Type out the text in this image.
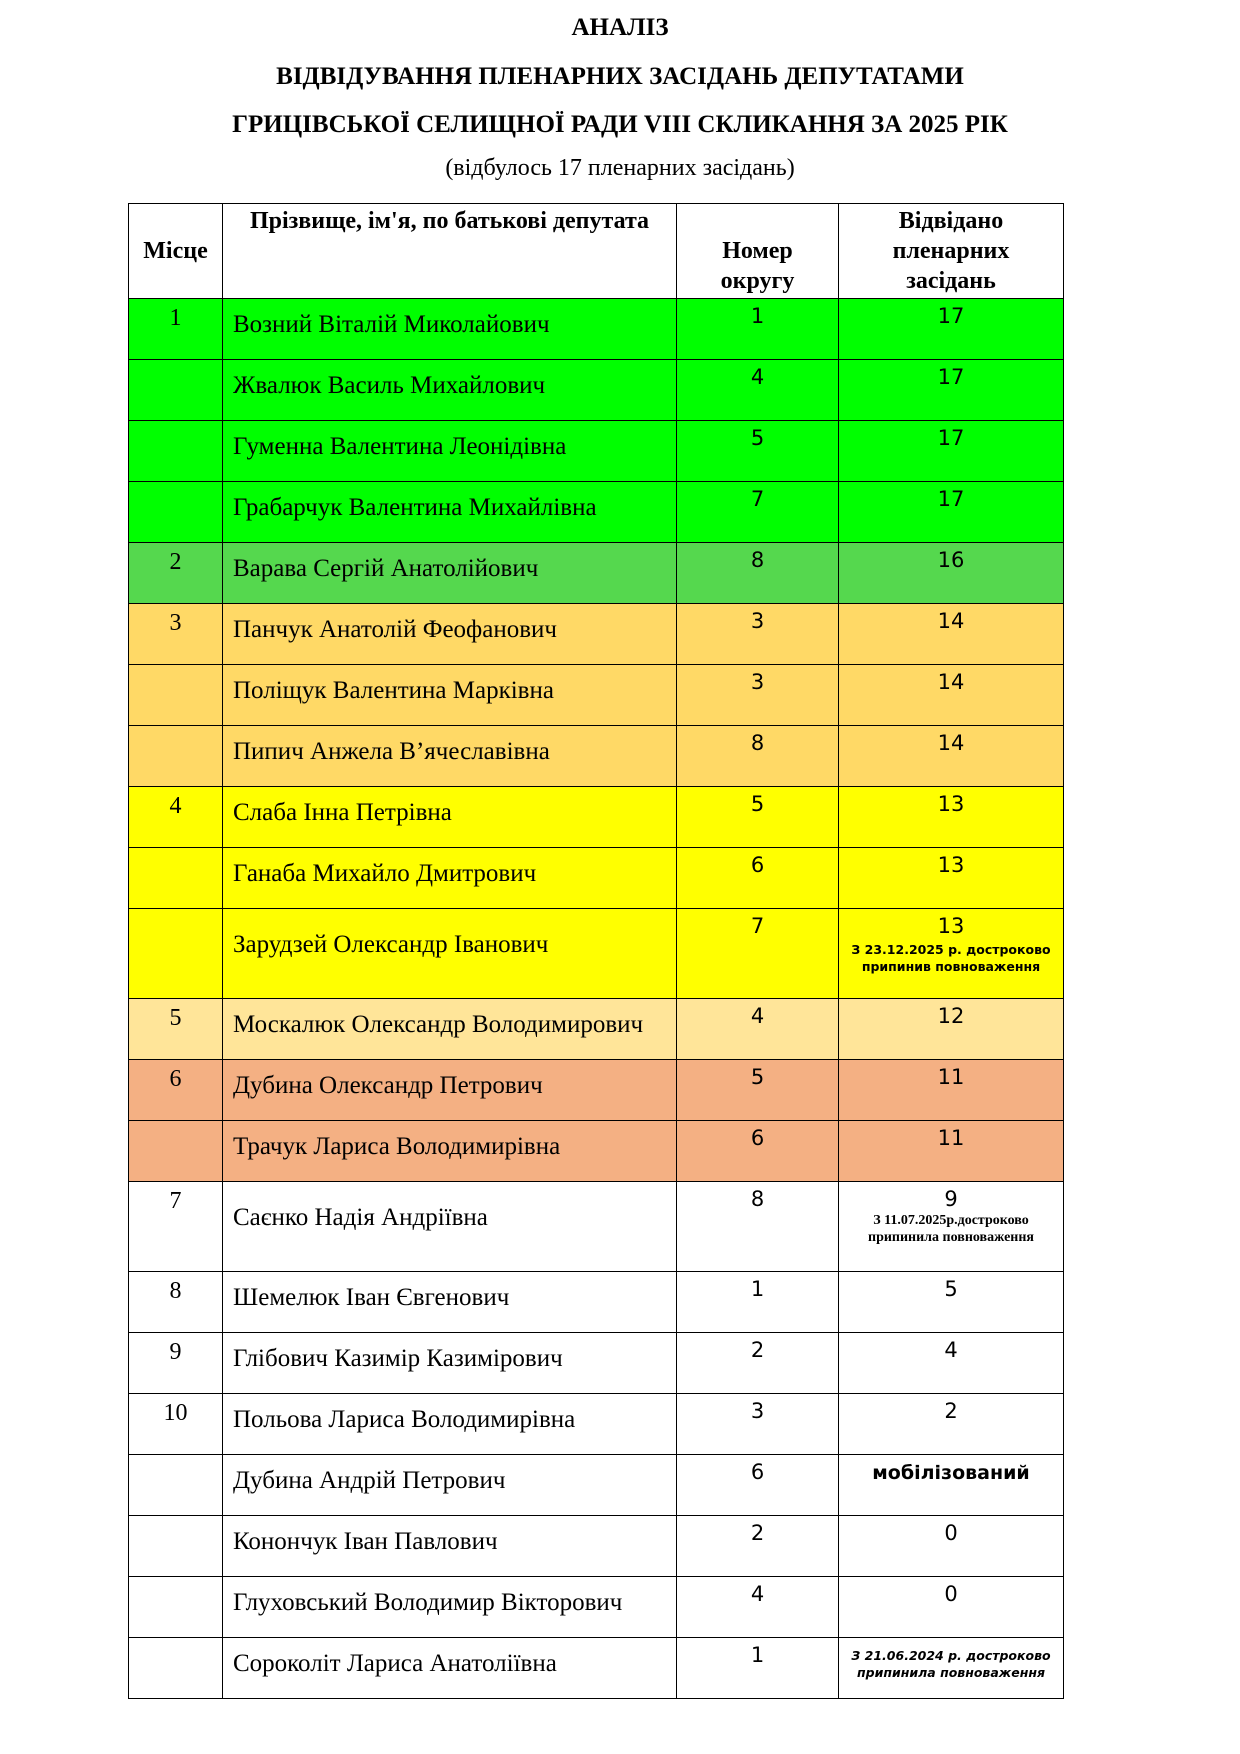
АНАЛІЗ
ВІДВІДУВАННЯ ПЛЕНАРНИХ ЗАСІДАНЬ ДЕПУТАТАМИ
ГРИЦІВСЬКОЇ СЕЛИЩНОЇ РАДИ VIII СКЛИКАННЯ ЗА 2025 РІК
(відбулось 17 пленарних засідань)
Місце	Прізвище, ім'я, по батькові депутата	Номер округу	Відвідано пленарних засідань
1	Возний Віталій Миколайович	1	17
	Жвалюк Василь Михайлович	4	17
	Гуменна Валентина Леонідівна	5	17
	Грабарчук Валентина Михайлівна	7	17
2	Варава Сергій Анатолійович	8	16
3	Панчук Анатолій Феофанович	3	14
	Поліщук Валентина Марківна	3	14
	Пипич Анжела В’ячеславівна	8	14
4	Слаба Інна Петрівна	5	13
	Ганаба Михайло Дмитрович	6	13
	Зарудзей Олександр Іванович	7	13
З 23.12.2025 р. достроково припинив повноваження

5	Москалюк Олександр Володимирович	4	12
6	Дубина Олександр Петрович	5	11
	Трачук Лариса Володимирівна	6	11
7	Саєнко Надія Андріївна	8	9
З 11.07.2025р.достроково припинила повноваження

8	Шемелюк Іван Євгенович	1	5
9	Глібович Казимір Казимірович	2	4
10	Польова Лариса Володимирівна	3	2
	Дубина Андрій Петрович	6	мобілізований
	Конончук Іван Павлович	2	0
	Глуховський Володимир Вікторович	4	0
	Сороколіт Лариса Анатоліївна	1	З 21.06.2024 р. достроково припинила повноваження
